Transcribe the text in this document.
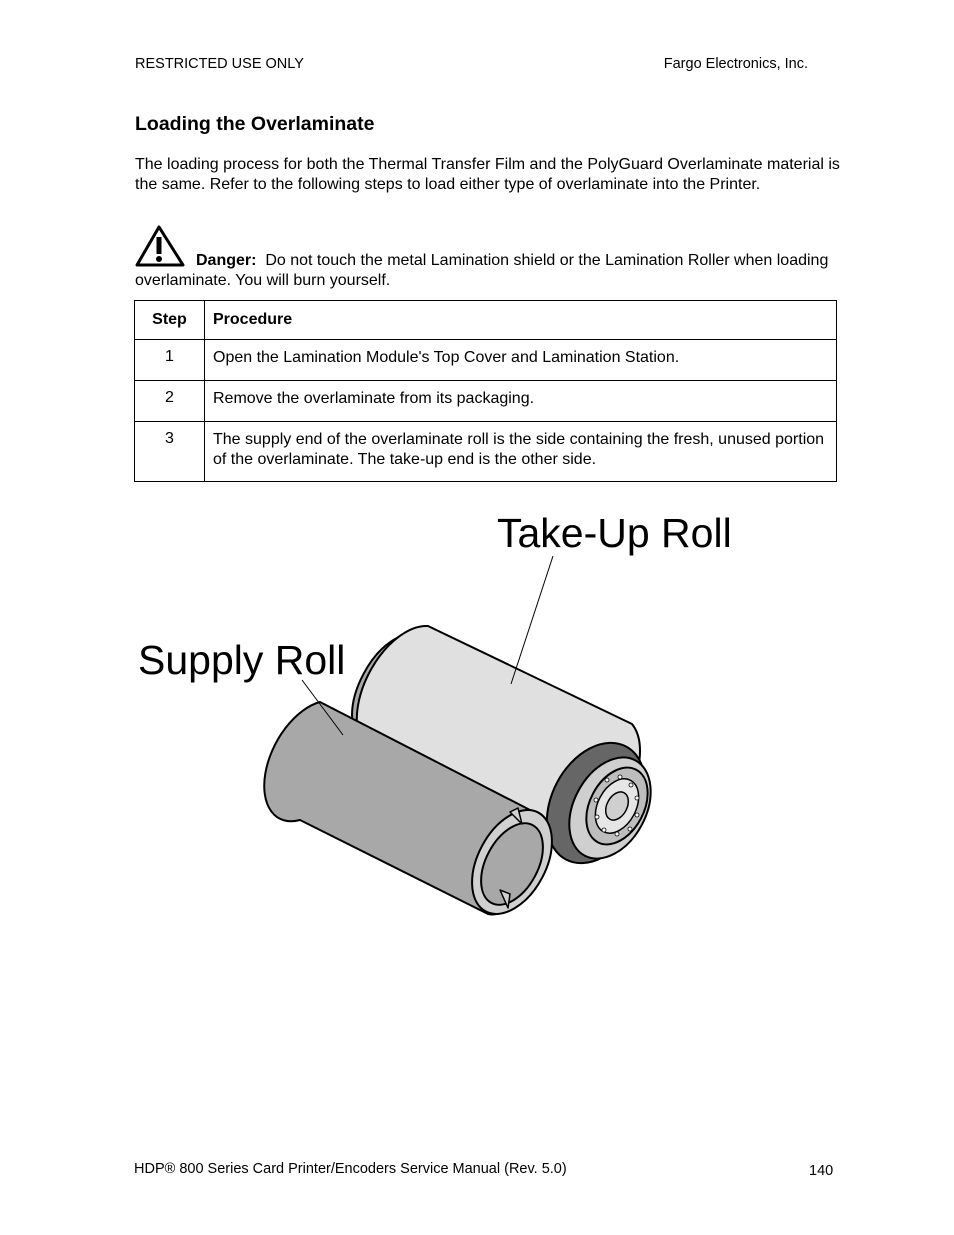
RESTRICTED USE ONLY	Fargo Electronics, Inc.
Loading the Overlaminate

The loading process for both the Thermal Transfer Film and the PolyGuard Overlaminate material is the same. Refer to the following steps to load either type of overlaminate into the Printer.

Danger: Do not touch the metal Lamination shield or the Lamination Roller when loading overlaminate. You will burn yourself.

Step	Procedure
1	Open the Lamination Module's Top Cover and Lamination Station.
2	Remove the overlaminate from its packaging.
3	The supply end of the overlaminate roll is the side containing the fresh, unused portion of the overlaminate. The take-up end is the other side.
Take-Up Roll
Supply Roll
HDP® 800 Series Card Printer/Encoders Service Manual (Rev. 5.0)	140
